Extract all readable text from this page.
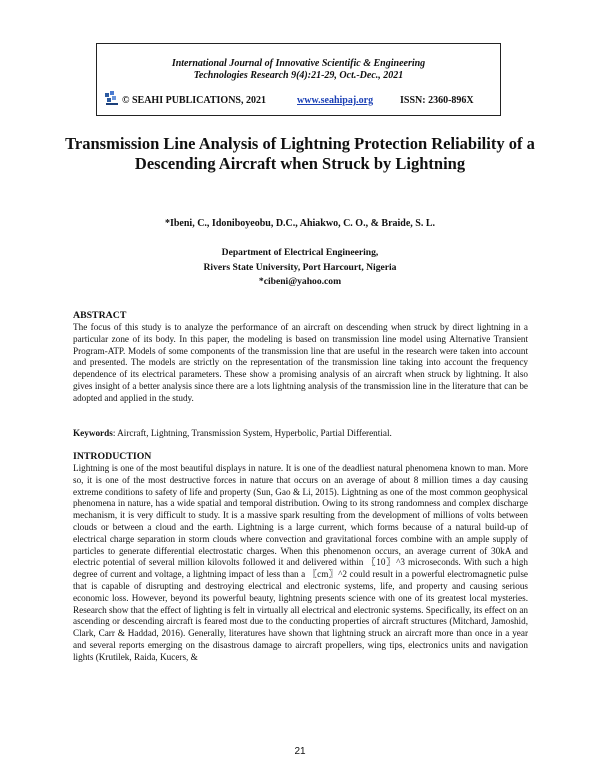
International Journal of Innovative Scientific & Engineering
Technologies Research 9(4):21-29, Oct.-Dec., 2021
© SEAHI PUBLICATIONS, 2021	www.seahipaj.org	ISSN: 2360-896X
Transmission Line Analysis of Lightning Protection Reliability of a Descending Aircraft when Struck by Lightning
*Ibeni, C., Idoniboyeobu, D.C., Ahiakwo, C. O., & Braide, S. L.
Department of Electrical Engineering,
Rivers State University, Port Harcourt, Nigeria
*cibeni@yahoo.com
ABSTRACT
The focus of this study is to analyze the performance of an aircraft on descending when struck by direct lightning in a particular zone of its body. In this paper, the modeling is based on transmission line model using Alternative Transient Program-ATP. Models of some components of the transmission line that are useful in the research were taken into account and presented. The models are strictly on the representation of the transmission line taking into account the frequency dependence of its electrical parameters. These show a promising analysis of an aircraft when struck by lightning. It also gives insight of a better analysis since there are a lots lightning analysis of the transmission line in the literature that can be adopted and applied in the study.
Keywords: Aircraft, Lightning, Transmission System, Hyperbolic, Partial Differential.
INTRODUCTION
Lightning is one of the most beautiful displays in nature. It is one of the deadliest natural phenomena known to man. More so, it is one of the most destructive forces in nature that occurs on an average of about 8 million times a day causing extreme conditions to safety of life and property (Sun, Gao & Li, 2015). Lightning as one of the most common geophysical phenomena in nature, has a wide spatial and temporal distribution. Owing to its strong randomness and complex discharge mechanism, it is very difficult to study. It is a massive spark resulting from the development of millions of volts between clouds or between a cloud and the earth. Lightning is a large current, which forms because of a natural build-up of electrical charge separation in storm clouds where convection and gravitational forces combine with an ample supply of particles to generate differential electrostatic charges. When this phenomenon occurs, an average current of 30kA and electric potential of several million kilovolts followed it and delivered within 〖10〗^3 microseconds. With such a high degree of current and voltage, a lightning impact of less than a 〖cm〗^2 could result in a powerful electromagnetic pulse that is capable of disrupting and destroying electrical and electronic systems, life, and property and causing serious economic loss. However, beyond its powerful beauty, lightning presents science with one of its greatest local mysteries. Research show that the effect of lighting is felt in virtually all electrical and electronic systems. Specifically, its effect on an ascending or descending aircraft is feared most due to the conducting properties of aircraft structures (Mitchard, Jamoshid, Clark, Carr & Haddad, 2016). Generally, literatures have shown that lightning struck an aircraft more than once in a year and several reports emerging on the disastrous damage to aircraft propellers, wing tips, electronics units and navigation lights (Krutilek, Raida, Kucers, &
21
